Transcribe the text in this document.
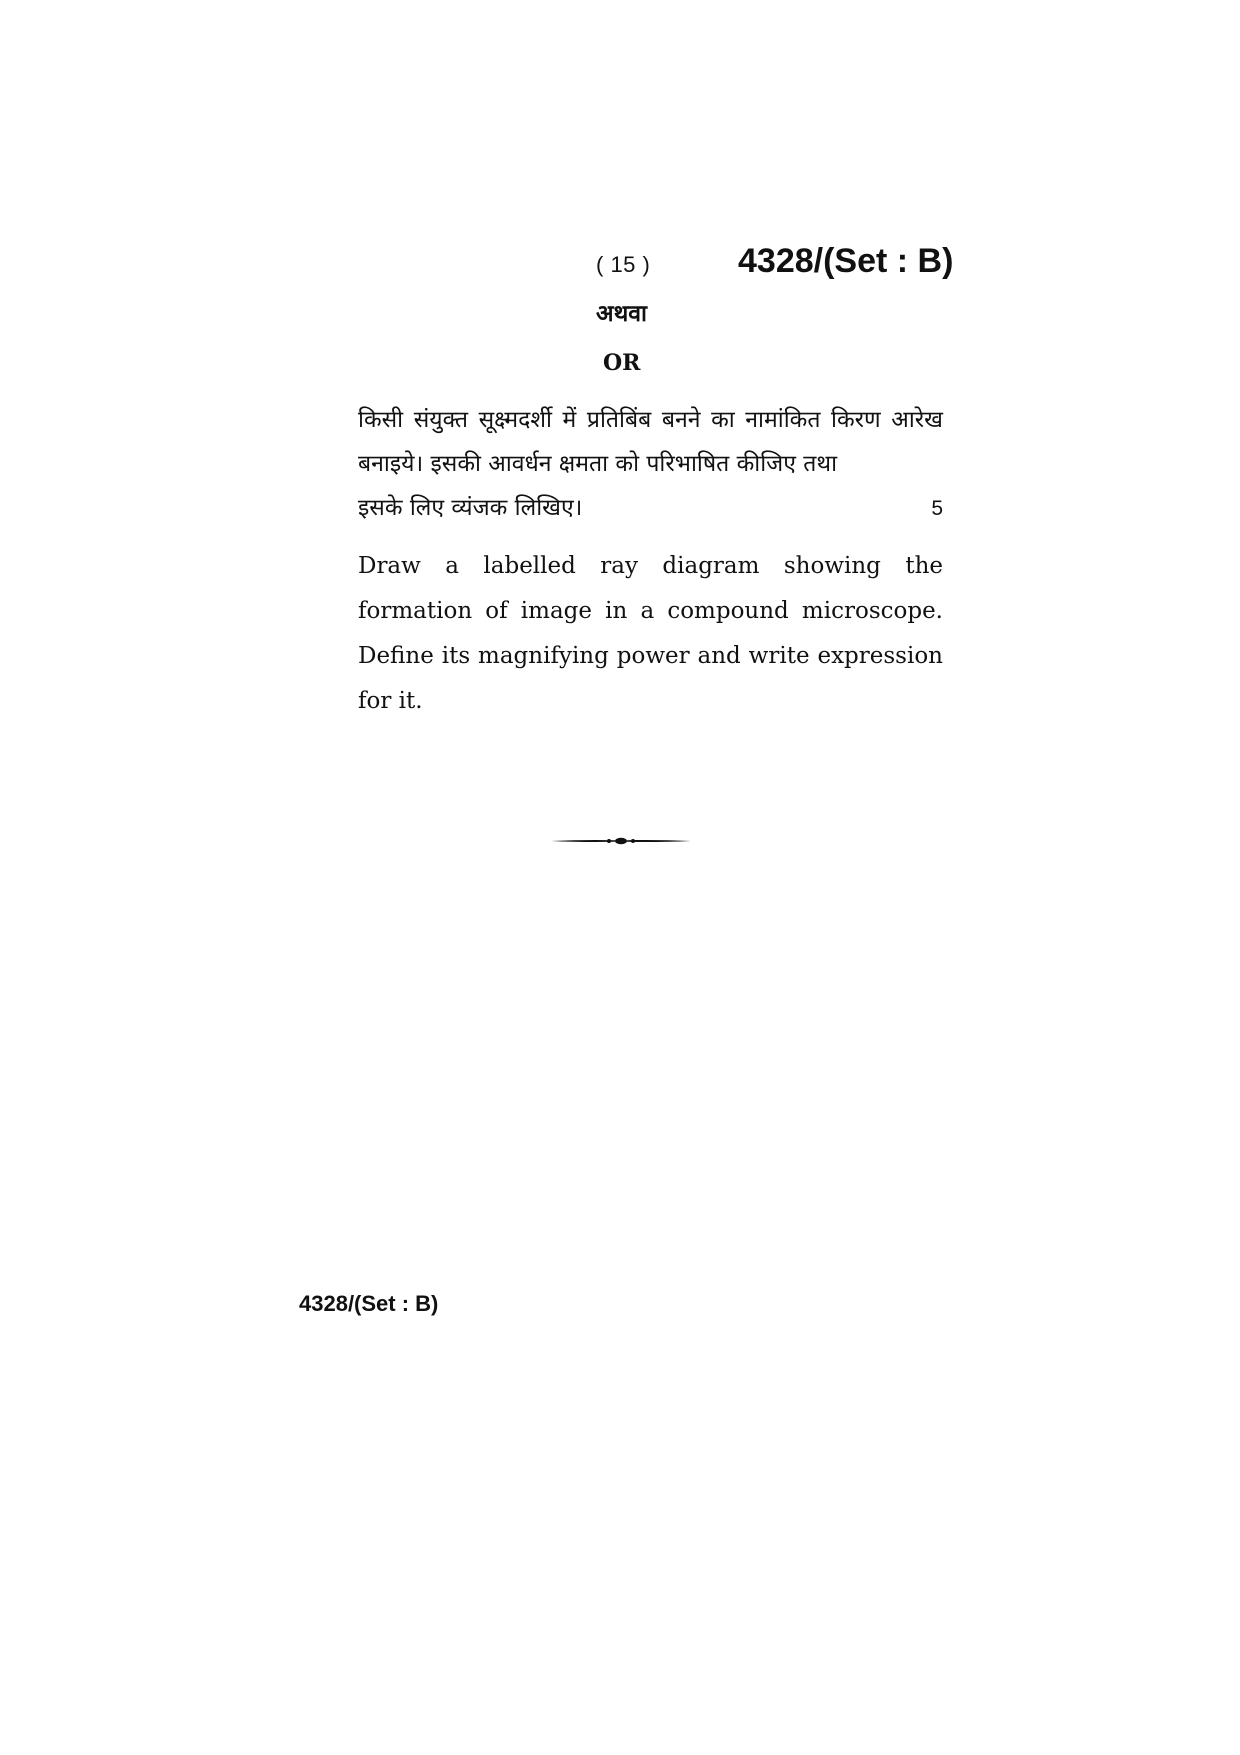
( 15 )	4328/(Set : B)
अथवा
OR
किसी संयुक्त सूक्ष्मदर्शी में प्रतिबिंब बनने का नामांकित किरण आरेख बनाइये। इसकी आवर्धन क्षमता को परिभाषित कीजिए तथा
इसके लिए व्यंजक लिखिए।	5
Draw a labelled ray diagram showing the formation of image in a compound microscope. Define its magnifying power and write expression for it.
4328/(Set : B)
